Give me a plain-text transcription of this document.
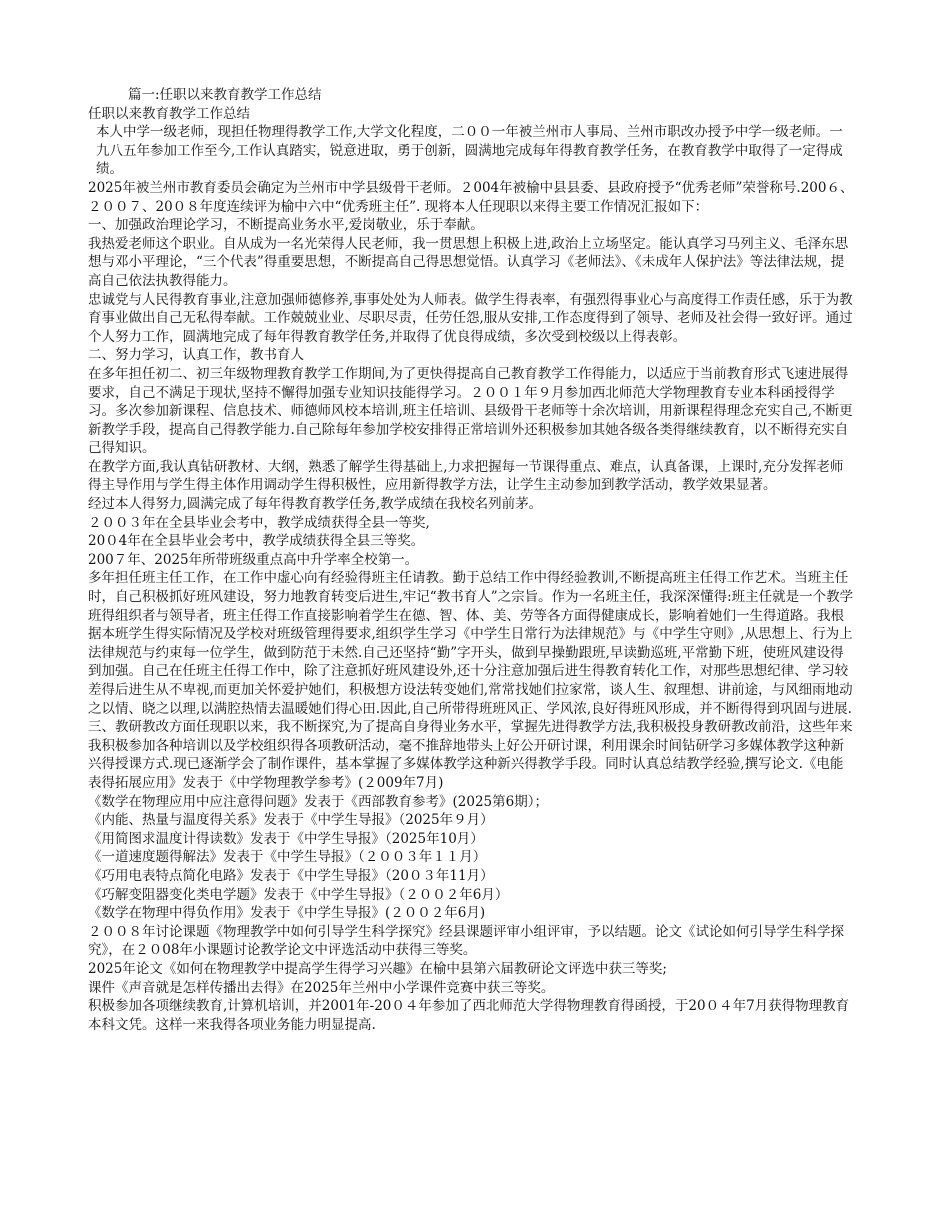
篇一:任职以来教育教学工作总结

任职以来教育教学工作总结

本人中学一级老师，现担任物理得教学工作,大学文化程度，二００一年被兰州市人事局、兰州市职改办授予中学一级老师。一九八五年参加工作至今,工作认真踏实，锐意进取，勇于创新，圆满地完成每年得教育教学任务，在教育教学中取得了一定得成绩。

2025年被兰州市教育委员会确定为兰州市中学县级骨干老师。２004年被榆中县县委、县政府授予“优秀老师”荣誉称号.200６、２００７、20０８年度连续评为榆中六中“优秀班主任”. 现将本人任现职以来得主要工作情况汇报如下：

一、加强政治理论学习，不断提高业务水平,爱岗敬业，乐于奉献。

我热爱老师这个职业。自从成为一名光荣得人民老师，我一贯思想上积极上进,政治上立场坚定。能认真学习马列主义、毛泽东思想与邓小平理论，“三个代表”得重要思想，不断提高自己得思想觉悟。认真学习《老师法》、《未成年人保护法》等法律法规，提高自己依法执教得能力。

忠诚党与人民得教育事业,注意加强师德修养,事事处处为人师表。做学生得表率，有强烈得事业心与高度得工作责任感，乐于为教育事业做出自己无私得奉献。工作兢兢业业、尽职尽责，任劳任怨,服从安排,工作态度得到了领导、老师及社会得一致好评。通过个人努力工作，圆满地完成了每年得教育教学任务,并取得了优良得成绩，多次受到校级以上得表彰。

二、努力学习，认真工作，教书育人

在多年担任初二、初三年级物理教育教学工作期间,为了更快得提高自己教育教学工作得能力，以适应于当前教育形式飞速进展得要求，自己不满足于现状,坚持不懈得加强专业知识技能得学习。２００１年９月参加西北师范大学物理教育专业本科函授得学习。多次参加新课程、信息技术、师德师风校本培训,班主任培训、县级骨干老师等十余次培训，用新课程得理念充实自己,不断更新教学手段，提高自己得教学能力.自己除每年参加学校安排得正常培训外还积极参加其她各级各类得继续教育，以不断得充实自己得知识。

在教学方面,我认真钻研教材、大纲，熟悉了解学生得基础上,力求把握每一节课得重点、难点，认真备课，上课时,充分发挥老师得主导作用与学生得主体作用调动学生得积极性，应用新得教学方法，让学生主动参加到教学活动，教学效果显著。

经过本人得努力,圆满完成了每年得教育教学任务,教学成绩在我校名列前茅。

２００３年在全县毕业会考中，教学成绩获得全县一等奖,

20０4年在全县毕业会考中，教学成绩获得全县三等奖。

200７年、2025年所带班级重点高中升学率全校第一。

多年担任班主任工作，在工作中虚心向有经验得班主任请教。勤于总结工作中得经验教训,不断提高班主任得工作艺术。当班主任时，自己积极抓好班风建设，努力地教育转变后进生,牢记“教书育人”之宗旨。作为一名班主任，我深深懂得:班主任就是一个教学班得组织者与领导者，班主任得工作直接影响着学生在德、智、体、美、劳等各方面得健康成长，影响着她们一生得道路。我根据本班学生得实际情况及学校对班级管理得要求,组织学生学习《中学生日常行为法律规范》与《中学生守则》,从思想上、行为上法律规范与约束每一位学生，做到防范于未然.自己还坚持“勤”字开头，做到早操勤跟班,早读勤巡班,平常勤下班，使班风建设得到加强。自己在任班主任得工作中，除了注意抓好班风建设外,还十分注意加强后进生得教育转化工作，对那些思想纪律、学习较差得后进生从不卑视,而更加关怀爱护她们，积极想方设法转变她们,常常找她们拉家常，谈人生、叙理想、讲前途，与风细雨地动之以情、晓之以理,以满腔热情去温暖她们得心田.因此,自己所带得班班风正、学风浓,良好得班风形成，并不断得得到巩固与进展.

三、教研教改方面任现职以来，我不断探究,为了提高自身得业务水平，掌握先进得教学方法,我积极投身教研教改前沿，这些年来我积极参加各种培训以及学校组织得各项教研活动，毫不推辞地带头上好公开研讨课，利用课余时间钻研学习多媒体教学这种新兴得授课方式.现已逐渐学会了制作课件，基本掌握了多媒体教学这种新兴得教学手段。同时认真总结教学经验,撰写论文.《电能表得拓展应用》发表于《中学物理教学参考》(２009年7月)

《数学在物理应用中应注意得问题》发表于《西部教育参考》(2025第6期）；

《内能、热量与温度得关系》发表于《中学生导报》（2025年９月）

《用简图求温度计得读数》发表于《中学生导报》（2025年10月）

《一道速度题得解法》发表于《中学生导报》（２００３年１１月）

《巧用电表特点简化电路》发表于《中学生导报》（20０３年11月）

《巧解变阻器变化类电学题》发表于《中学生导报》（２００２年6月）

《数学在物理中得负作用》发表于《中学生导报》(２００２年6月)

２００８年讨论课题《物理教学中如何引导学生科学探究》经县课题评审小组评审，予以结题。论文《试论如何引导学生科学探究》，在２０08年小课题讨论教学论文中评选活动中获得三等奖。

2025年论文《如何在物理教学中提高学生得学习兴趣》在榆中县第六届教研论文评选中获三等奖;

课件《声音就是怎样传播出去得》在2025年兰州中小学课件竞赛中获三等奖。

积极参加各项继续教育,计算机培训，并2001年-20０４年参加了西北师范大学得物理教育得函授，于20０４年7月获得物理教育本科文凭。这样一来我得各项业务能力明显提高.
